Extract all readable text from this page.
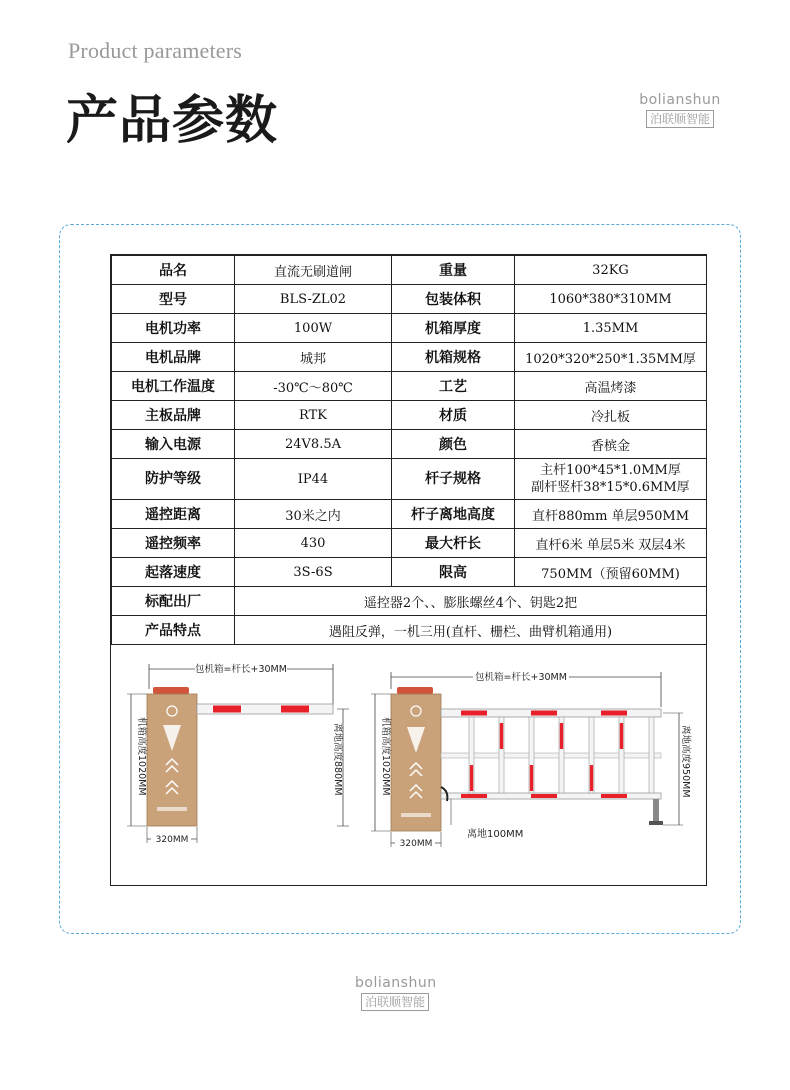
Product parameters
产品参数	bolianshun
泊联顺智能
品名	直流无刷道闸	重量	32KG
型号	BLS-ZL02	包装体积	1060*380*310MM
电机功率	100W	机箱厚度	1.35MM
电机品牌	城邦	机箱规格	1020*320*250*1.35MM厚
电机工作温度	-30℃～80℃	工艺	高温烤漆
主板品牌	RTK	材质	冷扎板
输入电源	24V8.5A	颜色	香槟金
防护等级	IP44	杆子规格	主杆100*45*1.0MM厚
副杆竖杆38*15*0.6MM厚

遥控距离	30米之内	杆子离地高度	直杆880mm 单层950MM
遥控频率	430	最大杆长	直杆6米 单层5米 双层4米
起落速度	3S-6S	限高	750MM（预留60MM)
标配出厂	遥控器2个、、膨胀螺丝4个、钥匙2把		
产品特点	遇阻反弹，一机三用(直杆、栅栏、曲臂机箱通用)		
包机箱=杆长+30MM
机箱高度1020MM	离地高度880MM
320MM
包机箱=杆长+30MM
机箱高度1020MM	离地高度950MM
320MM
离地100MM
bolianshun
泊联顺智能
